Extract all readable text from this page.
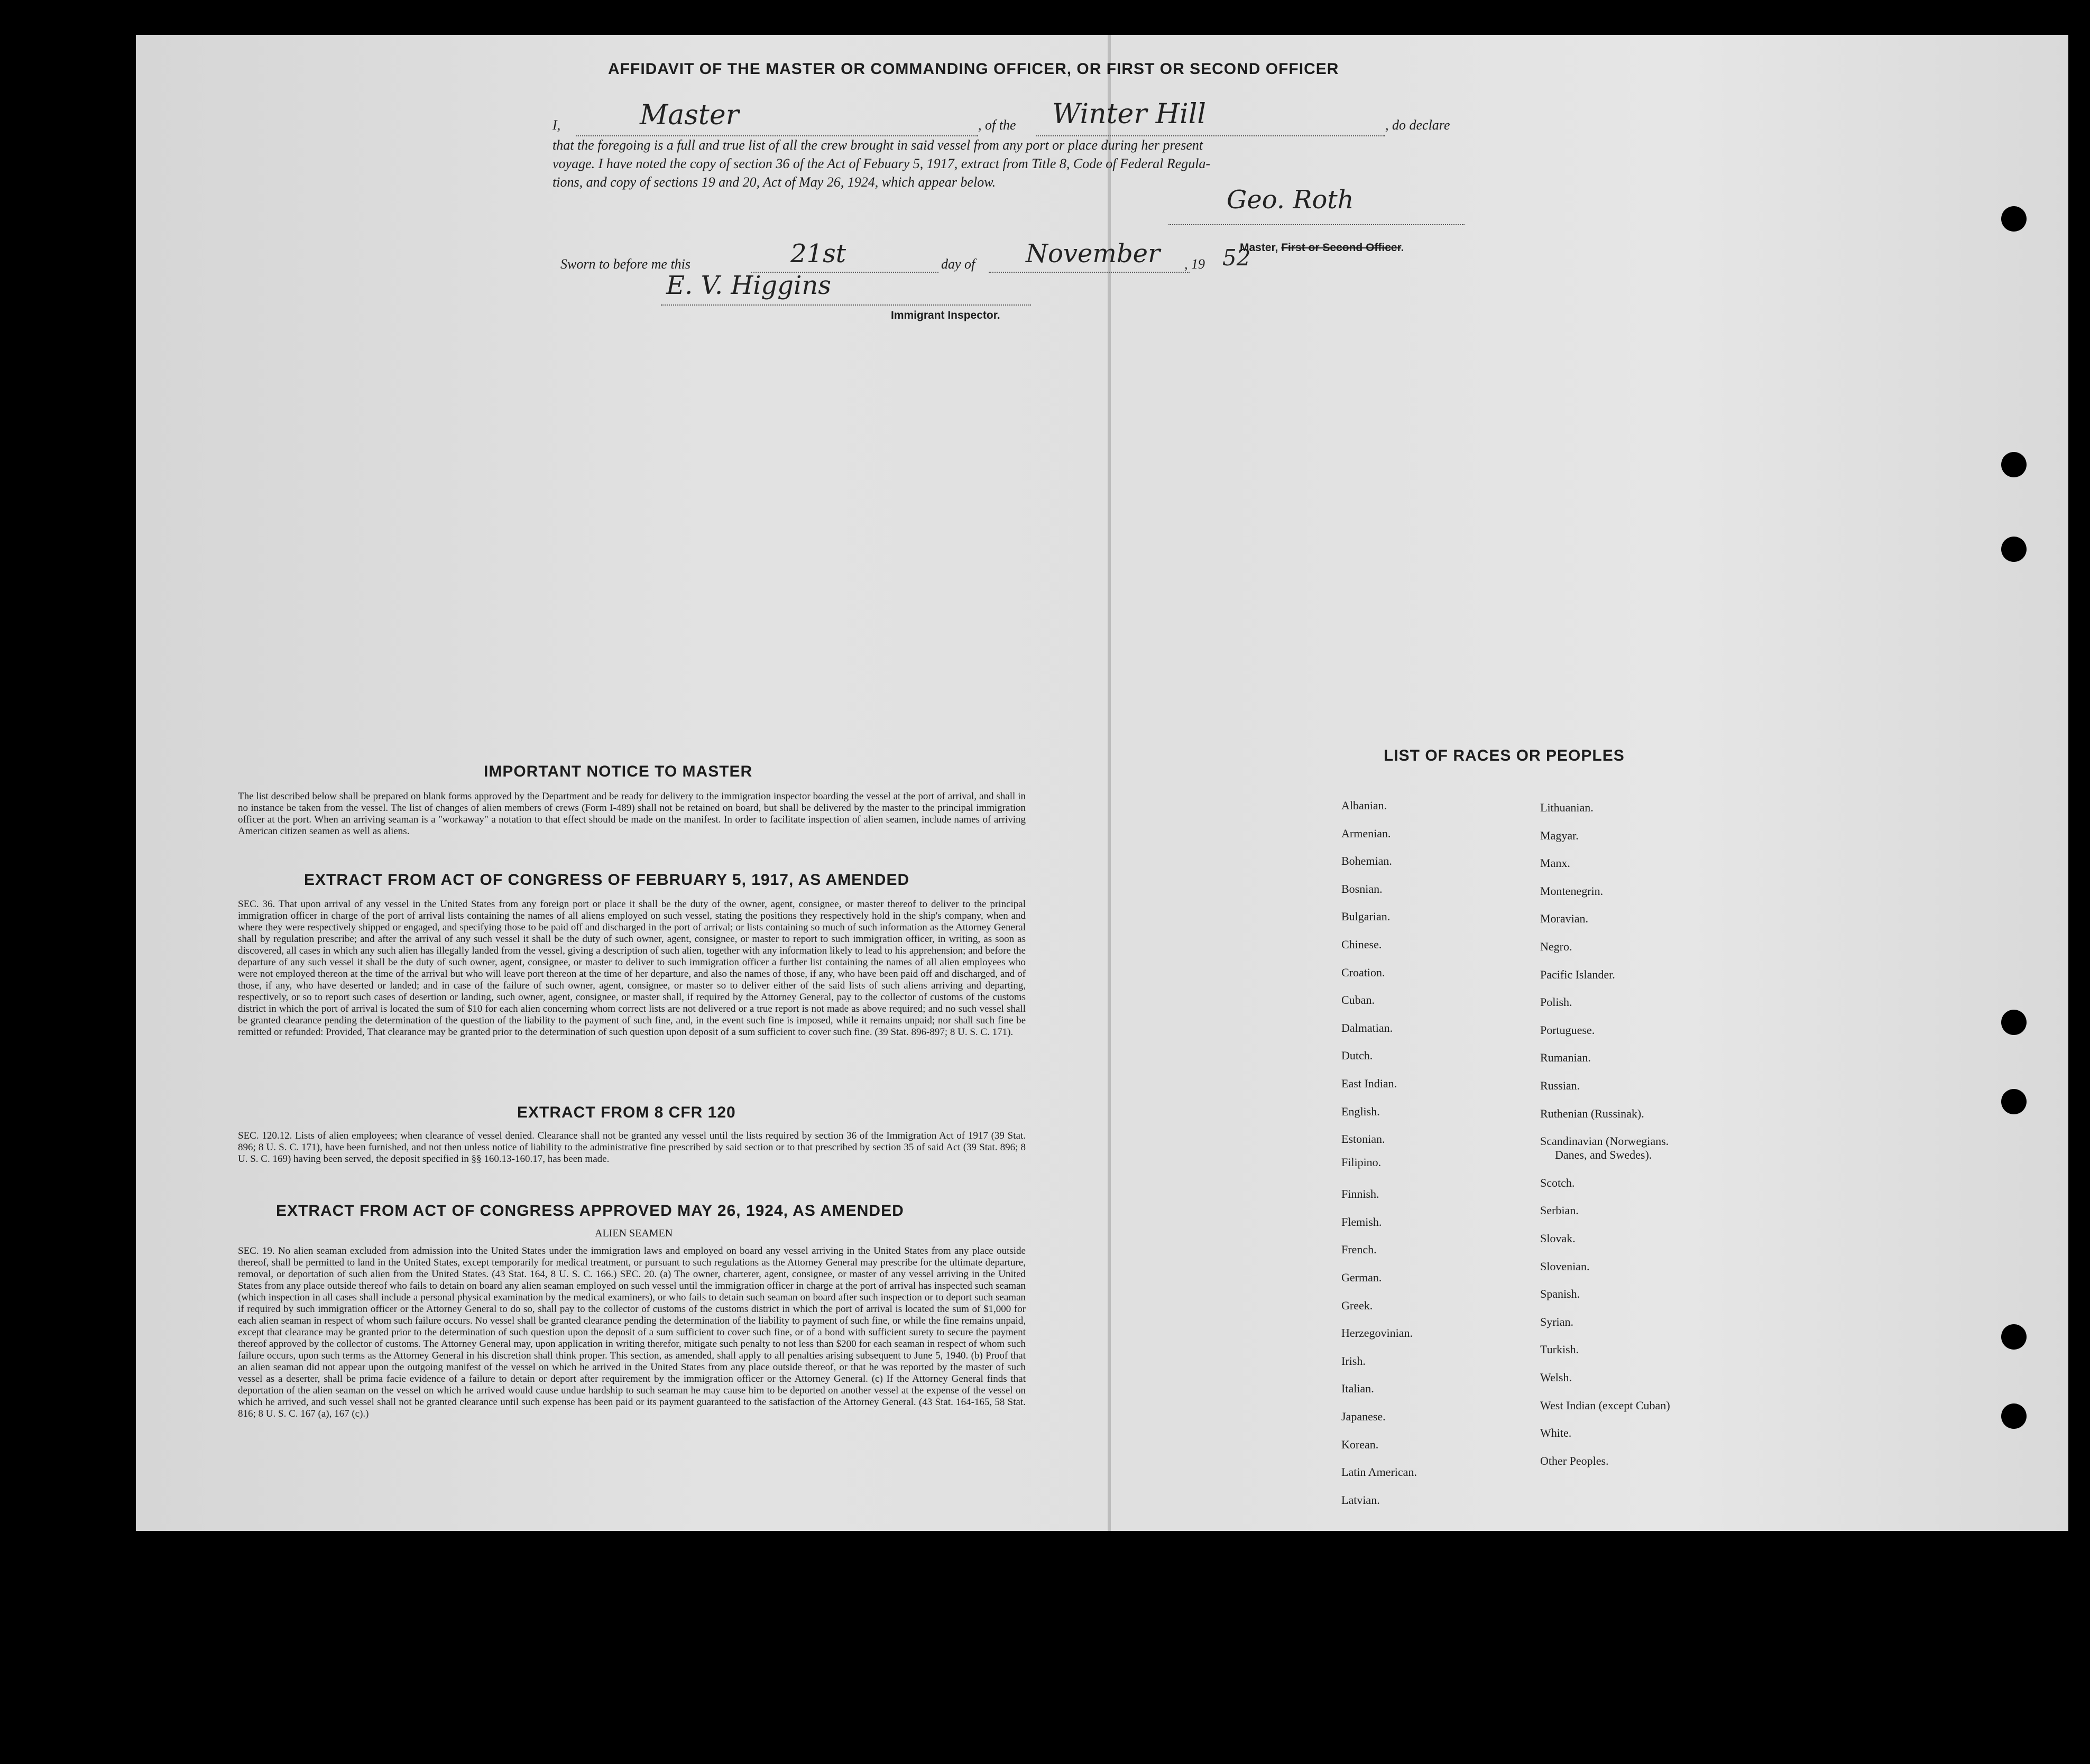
AFFIDAVIT OF THE MASTER OR COMMANDING OFFICER, OR FIRST OR SECOND OFFICER
I,	Master	, of the Winter Hill	, do declare
that the foregoing is a full and true list of all the crew brought in said vessel from any port or place during her present
voyage. I have noted the copy of section 36 of the Act of Febuary 5, 1917, extract from Title 8, Code of Federal Regula-
tions, and copy of sections 19 and 20, Act of May 26, 1924, which appear below.
Geo. Roth
Master, First or Second Officer.
Sworn to before me this	21st	day of November , 19 52
E. V. Higgins
Immigrant Inspector.
IMPORTANT NOTICE TO MASTER
The list described below shall be prepared on blank forms approved by the Department and be ready for delivery to the immigration inspector boarding the vessel at the port of arrival, and shall in no instance be taken from the vessel. The list of changes of alien members of crews (Form I-489) shall not be retained on board, but shall be delivered by the master to the principal immigration officer at the port. When an arriving seaman is a "workaway" a notation to that effect should be made on the manifest. In order to facilitate inspection of alien seamen, include names of arriving American citizen seamen as well as aliens.
EXTRACT FROM ACT OF CONGRESS OF FEBRUARY 5, 1917, AS AMENDED
SEC. 36. That upon arrival of any vessel in the United States from any foreign port or place it shall be the duty of the owner, agent, consignee, or master thereof to deliver to the principal immigration officer in charge of the port of arrival lists containing the names of all aliens employed on such vessel, stating the positions they respectively hold in the ship's company, when and where they were respectively shipped or engaged, and specifying those to be paid off and discharged in the port of arrival; or lists containing so much of such information as the Attorney General shall by regulation prescribe; and after the arrival of any such vessel it shall be the duty of such owner, agent, consignee, or master to report to such immigration officer, in writing, as soon as discovered, all cases in which any such alien has illegally landed from the vessel, giving a description of such alien, together with any information likely to lead to his apprehension; and before the departure of any such vessel it shall be the duty of such owner, agent, consignee, or master to deliver to such immigration officer a further list containing the names of all alien employees who were not employed thereon at the time of the arrival but who will leave port thereon at the time of her departure, and also the names of those, if any, who have been paid off and discharged, and of those, if any, who have deserted or landed; and in case of the failure of such owner, agent, consignee, or master so to deliver either of the said lists of such aliens arriving and departing, respectively, or so to report such cases of desertion or landing, such owner, agent, consignee, or master shall, if required by the Attorney General, pay to the collector of customs of the customs district in which the port of arrival is located the sum of $10 for each alien concerning whom correct lists are not delivered or a true report is not made as above required; and no such vessel shall be granted clearance pending the determination of the question of the liability to the payment of such fine, and, in the event such fine is imposed, while it remains unpaid; nor shall such fine be remitted or refunded: Provided, That clearance may be granted prior to the determination of such question upon deposit of a sum sufficient to cover such fine. (39 Stat. 896-897; 8 U. S. C. 171).
EXTRACT FROM 8 CFR 120
SEC. 120.12. Lists of alien employees; when clearance of vessel denied. Clearance shall not be granted any vessel until the lists required by section 36 of the Immigration Act of 1917 (39 Stat. 896; 8 U. S. C. 171), have been furnished, and not then unless notice of liability to the administrative fine prescribed by said section or to that prescribed by section 35 of said Act (39 Stat. 896; 8 U. S. C. 169) having been served, the deposit specified in §§ 160.13-160.17, has been made.
EXTRACT FROM ACT OF CONGRESS APPROVED MAY 26, 1924, AS AMENDED
ALIEN SEAMEN
SEC. 19. No alien seaman excluded from admission into the United States under the immigration laws and employed on board any vessel arriving in the United States from any place outside thereof, shall be permitted to land in the United States, except temporarily for medical treatment, or pursuant to such regulations as the Attorney General may prescribe for the ultimate departure, removal, or deportation of such alien from the United States. (43 Stat. 164, 8 U. S. C. 166.) SEC. 20. (a) The owner, charterer, agent, consignee, or master of any vessel arriving in the United States from any place outside thereof who fails to detain on board any alien seaman employed on such vessel until the immigration officer in charge at the port of arrival has inspected such seaman (which inspection in all cases shall include a personal physical examination by the medical examiners), or who fails to detain such seaman on board after such inspection or to deport such seaman if required by such immigration officer or the Attorney General to do so, shall pay to the collector of customs of the customs district in which the port of arrival is located the sum of $1,000 for each alien seaman in respect of whom such failure occurs. No vessel shall be granted clearance pending the determination of the liability to payment of such fine, or while the fine remains unpaid, except that clearance may be granted prior to the determination of such question upon the deposit of a sum sufficient to cover such fine, or of a bond with sufficient surety to secure the payment thereof approved by the collector of customs. The Attorney General may, upon application in writing therefor, mitigate such penalty to not less than $200 for each seaman in respect of whom such failure occurs, upon such terms as the Attorney General in his discretion shall think proper. This section, as amended, shall apply to all penalties arising subsequent to June 5, 1940. (b) Proof that an alien seaman did not appear upon the outgoing manifest of the vessel on which he arrived in the United States from any place outside thereof, or that he was reported by the master of such vessel as a deserter, shall be prima facie evidence of a failure to detain or deport after requirement by the immigration officer or the Attorney General. (c) If the Attorney General finds that deportation of the alien seaman on the vessel on which he arrived would cause undue hardship to such seaman he may cause him to be deported on another vessel at the expense of the vessel on which he arrived, and such vessel shall not be granted clearance until such expense has been paid or its payment guaranteed to the satisfaction of the Attorney General. (43 Stat. 164-165, 58 Stat. 816; 8 U. S. C. 167 (a), 167 (c).)
LIST OF RACES OR PEOPLES
Albanian.
Armenian.
Bohemian.
Bosnian.
Bulgarian.
Chinese.
Croation.
Cuban.
Dalmatian.
Dutch.
East Indian.
English.
Estonian.
Filipino.
Finnish.
Flemish.
French.
German.
Greek.
Herzegovinian.
Irish.
Italian.
Japanese.
Korean.
Latin American.
Latvian.
Lithuanian.
Magyar.
Manx.
Montenegrin.
Moravian.
Negro.
Pacific Islander.
Polish.
Portuguese.
Rumanian.
Russian.
Ruthenian (Russinak).
Scandinavian (Norwegians.
Danes, and Swedes).
Scotch.
Serbian.
Slovak.
Slovenian.
Spanish.
Syrian.
Turkish.
Welsh.
West Indian (except Cuban)
White.
Other Peoples.
